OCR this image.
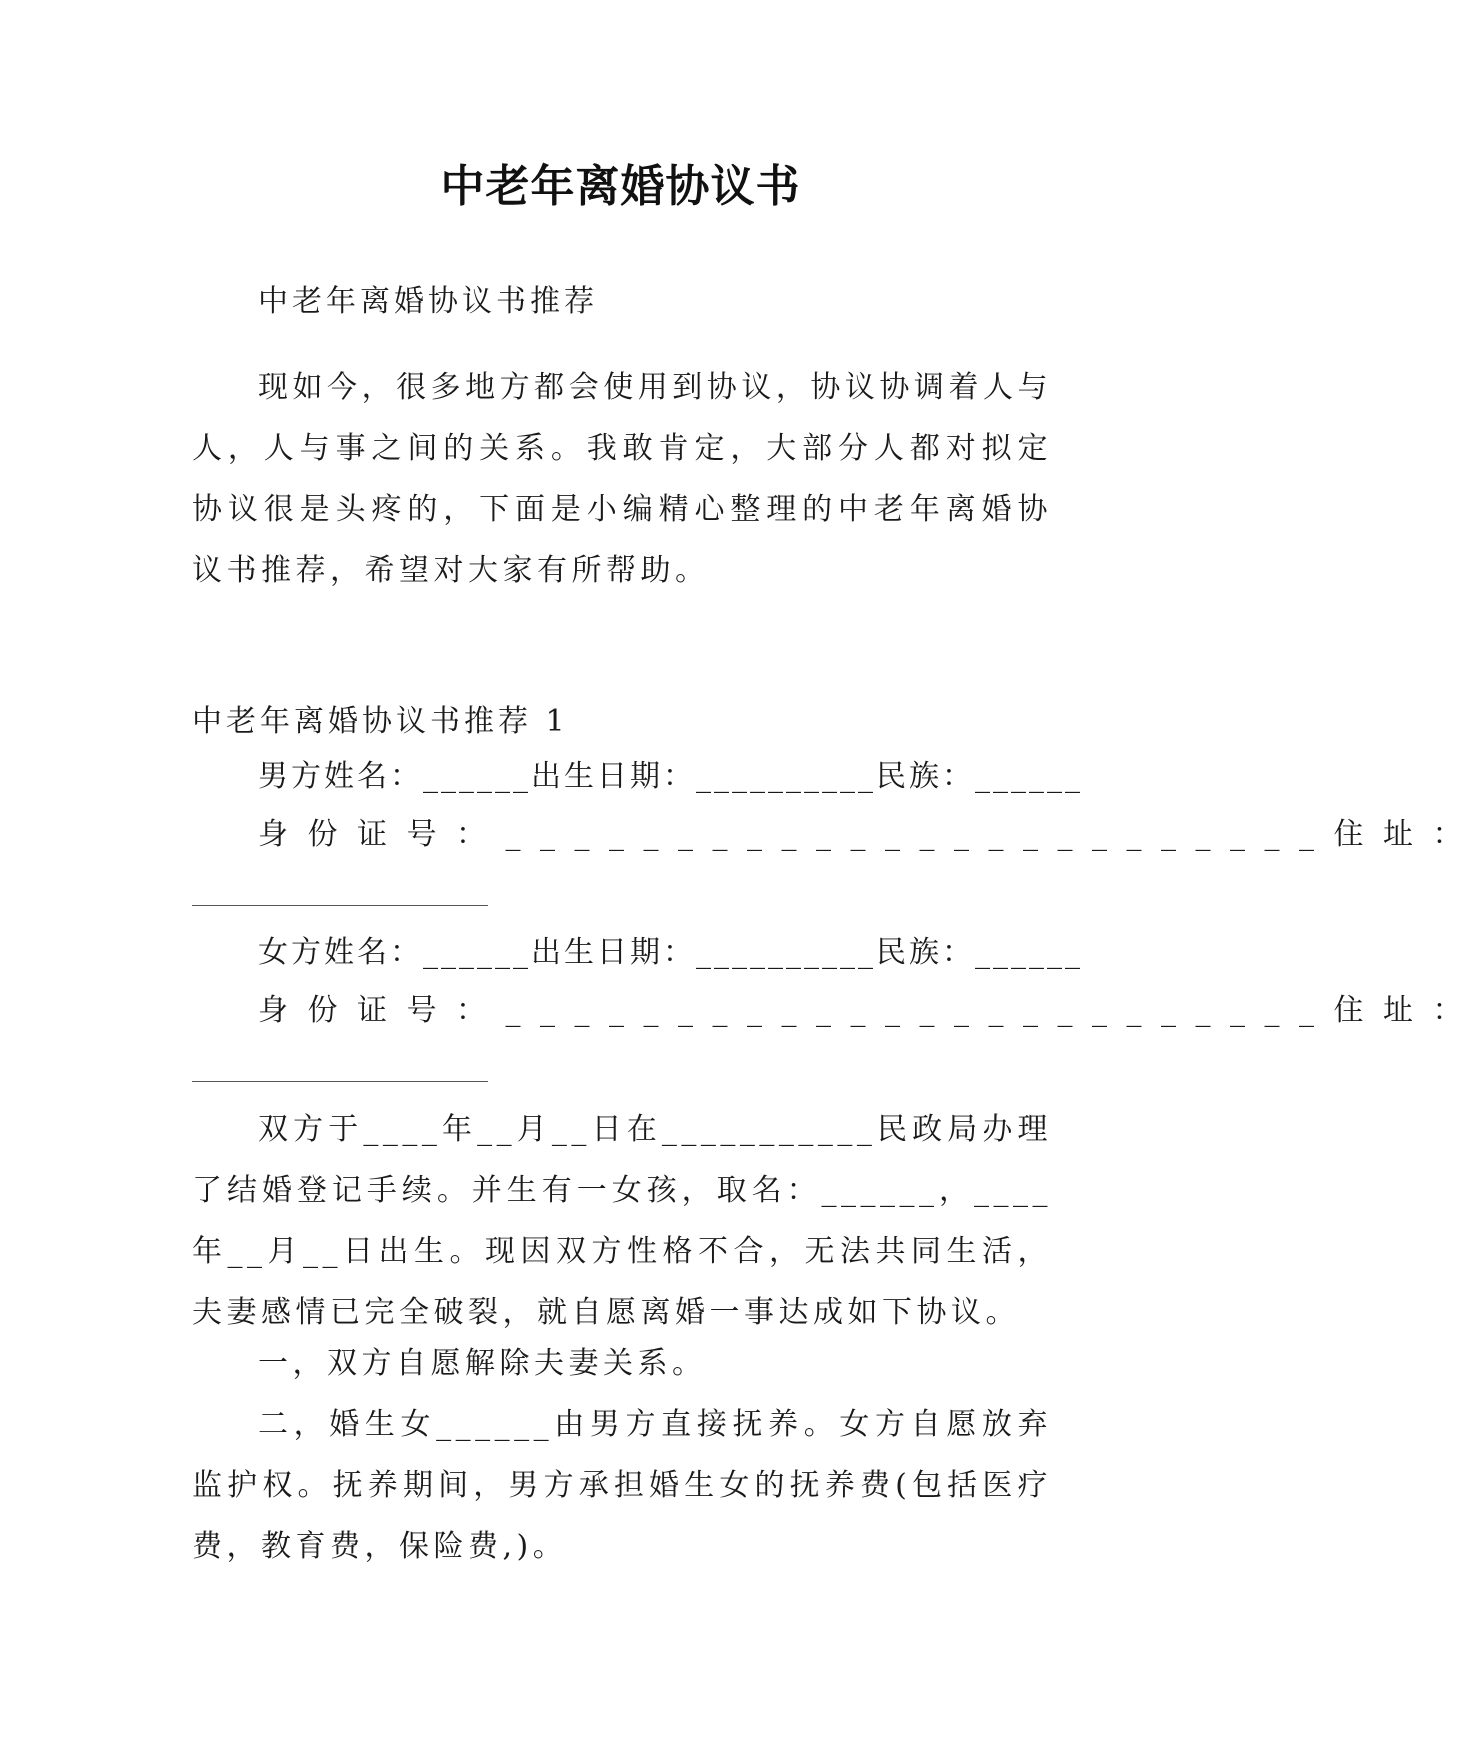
中老年离婚协议书
中老年离婚协议书推荐

现如今，很多地方都会使用到协议，协议协调着人与人，人与事之间的关系。我敢肯定，大部分人都对拟定协议很是头疼的，下面是小编精心整理的中老年离婚协议书推荐，希望对大家有所帮助。

中老年离婚协议书推荐 1
男方姓名：______出生日期：__________民族：______
身份证号：________________________住址：
女方姓名：______出生日期：__________民族：______
身份证号：________________________住址：

双方于____年__月__日在___________民政局办理了结婚登记手续。并生有一女孩，取名：______，____年__月__日出生。现因双方性格不合，无法共同生活，夫妻感情已完全破裂，就自愿离婚一事达成如下协议。

一，双方自愿解除夫妻关系。

二，婚生女______由男方直接抚养。女方自愿放弃监护权。抚养期间，男方承担婚生女的抚养费(包括医疗费，教育费，保险费,)。
